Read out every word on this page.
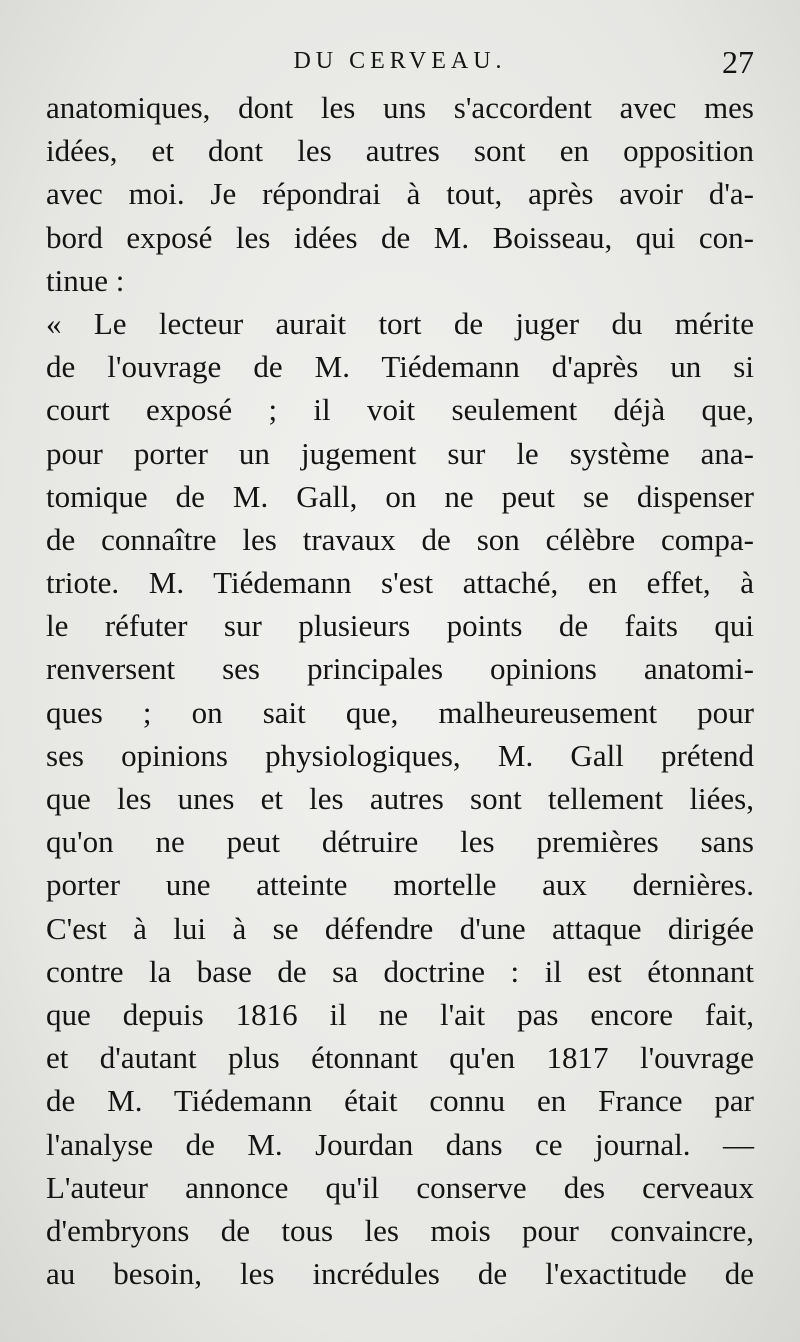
DU CERVEAU.	27
anatomiques, dont les uns s'accordent avec mes
idées, et dont les autres sont en opposition
avec moi. Je répondrai à tout, après avoir d'a-
bord exposé les idées de M. Boisseau, qui con-
tinue :
« Le lecteur aurait tort de juger du mérite
de l'ouvrage de M. Tiédemann d'après un si
court exposé ; il voit seulement déjà que,
pour porter un jugement sur le système ana-
tomique de M. Gall, on ne peut se dispenser
de connaître les travaux de son célèbre compa-
triote. M. Tiédemann s'est attaché, en effet, à
le réfuter sur plusieurs points de faits qui
renversent ses principales opinions anatomi-
ques ; on sait que, malheureusement pour
ses opinions physiologiques, M. Gall prétend
que les unes et les autres sont tellement liées,
qu'on ne peut détruire les premières sans
porter une atteinte mortelle aux dernières.
C'est à lui à se défendre d'une attaque dirigée
contre la base de sa doctrine : il est étonnant
que depuis 1816 il ne l'ait pas encore fait,
et d'autant plus étonnant qu'en 1817 l'ouvrage
de M. Tiédemann était connu en France par
l'analyse de M. Jourdan dans ce journal. —
L'auteur annonce qu'il conserve des cerveaux
d'embryons de tous les mois pour convaincre,
au besoin, les incrédules de l'exactitude de
